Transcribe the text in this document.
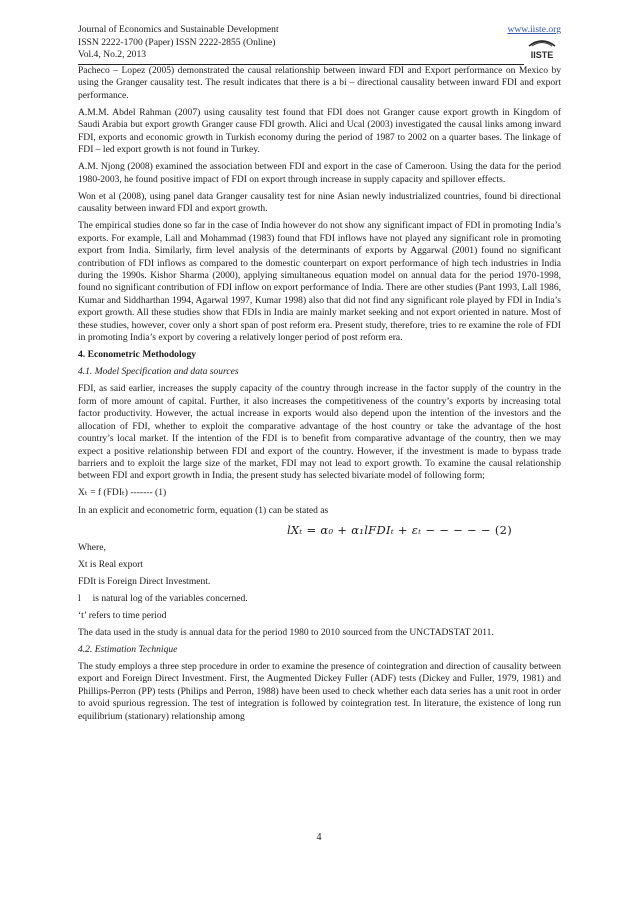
Journal of Economics and Sustainable Development
ISSN 2222-1700 (Paper) ISSN 2222-2855 (Online)
Vol.4, No.2, 2013
www.iiste.org
IISTE

Pacheco – Lopez (2005) demonstrated the causal relationship between inward FDI and Export performance on Mexico by using the Granger causality test. The result indicates that there is a bi – directional causality between inward FDI and export performance.

A.M.M. Abdel Rahman (2007) using causality test found that FDI does not Granger cause export growth in Kingdom of Saudi Arabia but export growth Granger cause FDI growth. Alici and Ucal (2003) investigated the causal links among inward FDI, exports and economic growth in Turkish economy during the period of 1987 to 2002 on a quarter bases. The linkage of FDI – led export growth is not found in Turkey.

A.M. Njong (2008) examined the association between FDI and export in the case of Cameroon. Using the data for the period 1980-2003, he found positive impact of FDI on export through increase in supply capacity and spillover effects.

Won et al (2008), using panel data Granger causality test for nine Asian newly industrialized countries, found bi directional causality between inward FDI and export growth.

The empirical studies done so far in the case of India however do not show any significant impact of FDI in promoting India’s exports. For example, Lall and Mohammad (1983) found that FDI inflows have not played any significant role in promoting export from India. Similarly, firm level analysis of the determinants of exports by Aggarwal (2001) found no significant contribution of FDI inflows as compared to the domestic counterpart on export performance of high tech industries in India during the 1990s. Kishor Sharma (2000), applying simultaneous equation model on annual data for the period 1970-1998, found no significant contribution of FDI inflow on export performance of India. There are other studies (Pant 1993, Lall 1986, Kumar and Siddharthan 1994, Agarwal 1997, Kumar 1998) also that did not find any significant role played by FDI in India’s export growth. All these studies show that FDIs in India are mainly market seeking and not export oriented in nature. Most of these studies, however, cover only a short span of post reform era. Present study, therefore, tries to re examine the role of FDI in promoting India’s export by covering a relatively longer period of post reform era.

4. Econometric Methodology
4.1. Model Specification and data sources

FDI, as said earlier, increases the supply capacity of the country through increase in the factor supply of the country in the form of more amount of capital. Further, it also increases the competitiveness of the country’s exports by increasing total factor productivity. However, the actual increase in exports would also depend upon the intention of the investors and the allocation of FDI, whether to exploit the comparative advantage of the host country or take the advantage of the host country’s local market. If the intention of the FDI is to benefit from comparative advantage of the country, then we may expect a positive relationship between FDI and export of the country. However, if the investment is made to bypass trade barriers and to exploit the large size of the market, FDI may not lead to export growth. To examine the causal relationship between FDI and export growth in India, the present study has selected bivariate model of following form;

Xₜ = f (FDIₜ) ------- (1)

In an explicit and econometric form, equation (1) can be stated as

lXₜ = α₀ + α₁lFDIₜ + εₜ − − − − − (2)

Where,

Xt is Real export

FDIt is Foreign Direct Investment.

l     is natural log of the variables concerned.

‘t’ refers to time period

The data used in the study is annual data for the period 1980 to 2010 sourced from the UNCTADSTAT 2011.

4.2. Estimation Technique

The study employs a three step procedure in order to examine the presence of cointegration and direction of causality between export and Foreign Direct Investment. First, the Augmented Dickey Fuller (ADF) tests (Dickey and Fuller, 1979, 1981) and Phillips-Perron (PP) tests (Philips and Perron, 1988) have been used to check whether each data series has a unit root in order to avoid spurious regression. The test of integration is followed by cointegration test. In literature, the existence of long run equilibrium (stationary) relationship among

4
